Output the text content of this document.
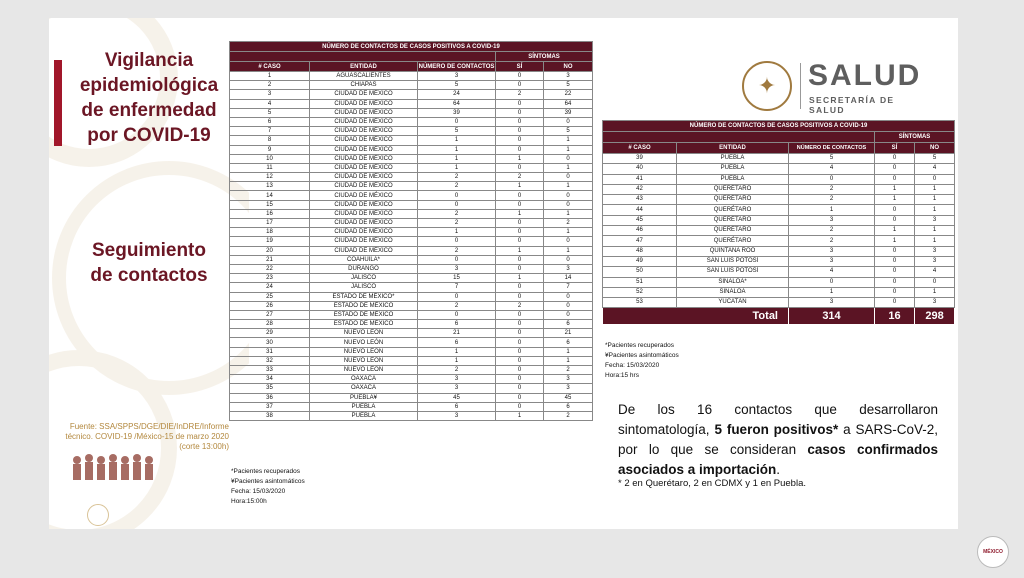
Vigilancia
epidemiológica
de enfermedad
por COVID-19
Seguimiento
de contactos
Fuente: SSA/SPPS/DGE/DIE/InDRE/Informe
técnico. COVID-19 /México-15 de marzo 2020
(corte 13:00h)
NÚMERO DE CONTACTOS DE CASOS POSITIVOS A COVID-19				
			SÍNTOMAS	
# CASO	ENTIDAD	NÚMERO DE CONTACTOS	SÍ	NO
1	AGUASCALIENTES	3	0	3
2	CHIAPAS	5	0	5
3	CIUDAD DE MÉXICO	24	2	22
4	CIUDAD DE MÉXICO	64	0	64
5	CIUDAD DE MÉXICO	39	0	39
6	CIUDAD DE MÉXICO	0	0	0
7	CIUDAD DE MÉXICO	5	0	5
8	CIUDAD DE MÉXICO	1	0	1
9	CIUDAD DE MÉXICO	1	0	1
10	CIUDAD DE MÉXICO	1	1	0
11	CIUDAD DE MÉXICO	1	0	1
12	CIUDAD DE MÉXICO	2	2	0
13	CIUDAD DE MÉXICO	2	1	1
14	CIUDAD DE MÉXICO	0	0	0
15	CIUDAD DE MÉXICO	0	0	0
16	CIUDAD DE MÉXICO	2	1	1
17	CIUDAD DE MÉXICO	2	0	2
18	CIUDAD DE MÉXICO	1	0	1
19	CIUDAD DE MÉXICO	0	0	0
20	CIUDAD DE MÉXICO	2	1	1
21	COAHUILA*	0	0	0
22	DURANGO	3	0	3
23	JALISCO	15	1	14
24	JALISCO	7	0	7
25	ESTADO DE MÉXICO*	0	0	0
26	ESTADO DE MÉXICO	2	2	0
27	ESTADO DE MÉXICO	0	0	0
28	ESTADO DE MÉXICO	6	0	6
29	NUEVO LEÓN	21	0	21
30	NUEVO LEÓN	6	0	6
31	NUEVO LEÓN	1	0	1
32	NUEVO LEÓN	1	0	1
33	NUEVO LEÓN	2	0	2
34	OAXACA	3	0	3
35	OAXACA	3	0	3
36	PUEBLA¥	45	0	45
37	PUEBLA	6	0	6
38	PUEBLA	3	1	2
*Pacientes recuperados
¥Pacientes asintomáticos
Fecha: 15/03/2020
Hora:15:00h
✦	SALUD
SECRETARÍA DE SALUD
NÚMERO DE CONTACTOS DE CASOS POSITIVOS A COVID-19				
			SÍNTOMAS	
# CASO	ENTIDAD	NÚMERO DE CONTACTOS	SÍ	NO
39	PUEBLA	5	0	5
40	PUEBLA	4	0	4
41	PUEBLA	0	0	0
42	QUERÉTARO	2	1	1
43	QUERÉTARO	2	1	1
44	QUERÉTARO	1	0	1
45	QUERÉTARO	3	0	3
46	QUERÉTARO	2	1	1
47	QUERÉTARO	2	1	1
48	QUINTANA ROO	3	0	3
49	SAN LUIS POTOSÍ	3	0	3
50	SAN LUIS POTOSÍ	4	0	4
51	SINALOA*	0	0	0
52	SINALOA	1	0	1
53	YUCATÁN	3	0	3
Total		314	16	298
*Pacientes recuperados
¥Pacientes asintomáticos
Fecha: 15/03/2020
Hora:15 hrs
De los 16 contactos que desarrollaron sintomatología, 5 fueron positivos* a SARS-CoV-2, por lo que se consideran casos confirmados asociados a importación.
* 2 en Querétaro, 2 en CDMX y 1 en Puebla.
MÉXICO
